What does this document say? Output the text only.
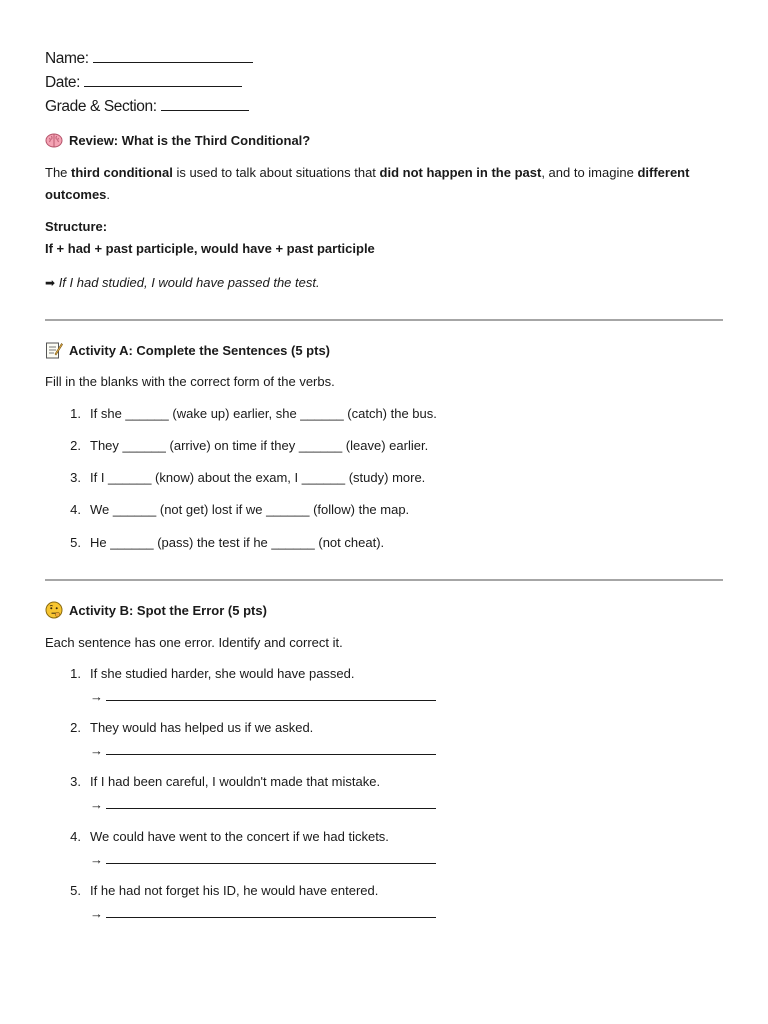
Name:
Date:
Grade & Section:
Review: What is the Third Conditional?
The third conditional is used to talk about situations that did not happen in the past, and to imagine different outcomes.
Structure:
If + had + past participle, would have + past participle
➡ If I had studied, I would have passed the test.
Activity A: Complete the Sentences (5 pts)
Fill in the blanks with the correct form of the verbs.
1. If she ______ (wake up) earlier, she ______ (catch) the bus.
2. They ______ (arrive) on time if they ______ (leave) earlier.
3. If I ______ (know) about the exam, I ______ (study) more.
4. We ______ (not get) lost if we ______ (follow) the map.
5. He ______ (pass) the test if he ______ (not cheat).
Activity B: Spot the Error (5 pts)
Each sentence has one error. Identify and correct it.
1. If she studied harder, she would have passed.
→
2. They would has helped us if we asked.
→
3. If I had been careful, I wouldn't made that mistake.
→
4. We could have went to the concert if we had tickets.
→
5. If he had not forget his ID, he would have entered.
→
